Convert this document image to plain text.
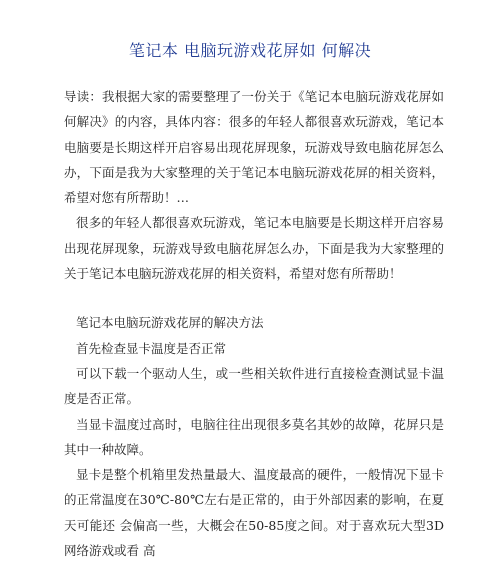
笔记本 电脑玩游戏花屏如 何解决

导读：我根据大家的需要整理了一份关于《笔记本电脑玩游戏花屏如何解决》的内容，具体内容：很多的年轻人都很喜欢玩游戏，笔记本电脑要是长期这样开启容易出现花屏现象，玩游戏导致电脑花屏怎么办，下面是我为大家整理的关于笔记本电脑玩游戏花屏的相关资料，希望对您有所帮助！…

很多的年轻人都很喜欢玩游戏，笔记本电脑要是长期这样开启容易出现花屏现象，玩游戏导致电脑花屏怎么办，下面是我为大家整理的关于笔记本电脑玩游戏花屏的相关资料，希望对您有所帮助！

笔记本电脑玩游戏花屏的解决方法

首先检查显卡温度是否正常

可以下载一个驱动人生，或一些相关软件进行直接检查测试显卡温度是否正常。

当显卡温度过高时，电脑往往出现很多莫名其妙的故障，花屏只是其中一种故障。

显卡是整个机箱里发热量最大、温度最高的硬件，一般情况下显卡的正常温度在30℃-80℃左右是正常的，由于外部因素的影响，在夏天可能还 会偏高一些，大概会在50-85度之间。对于喜欢玩大型3D网络游戏或看 高
